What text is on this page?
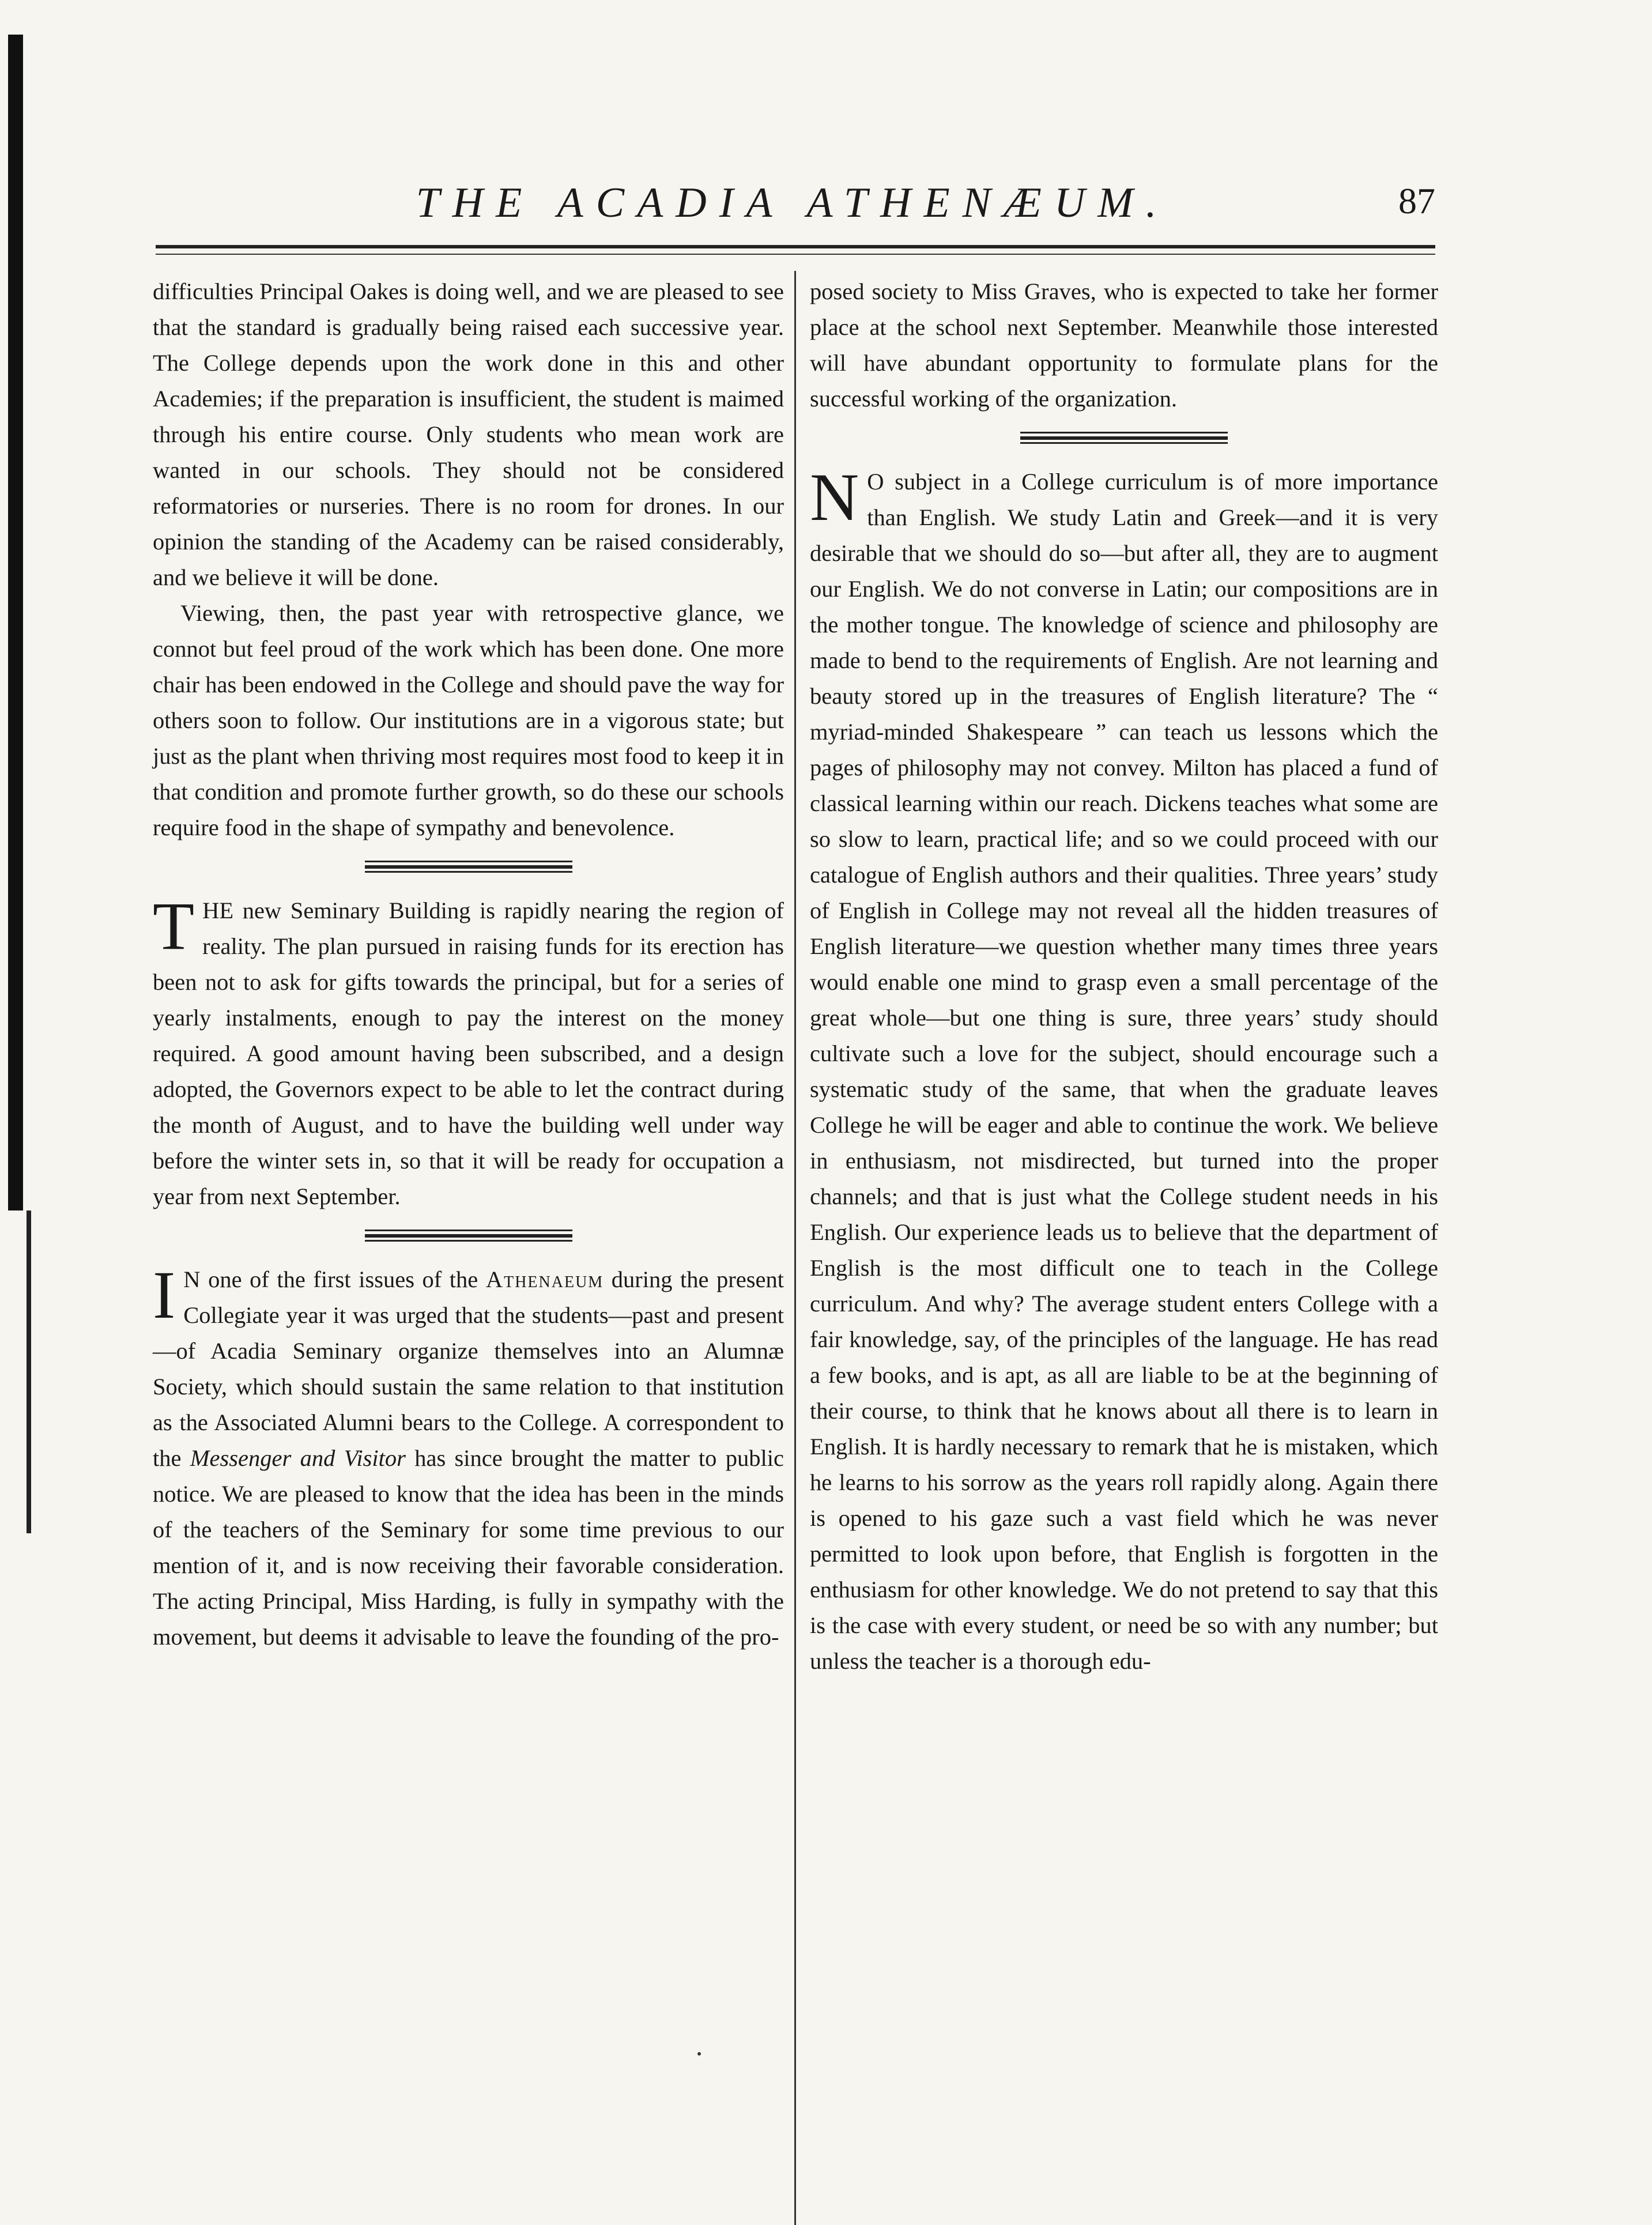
THE ACADIA ATHENÆUM.	87

difficulties Principal Oakes is doing well, and we are pleased to see that the standard is gradually being raised each successive year. The College depends upon the work done in this and other Academies; if the preparation is insufficient, the student is maimed through his entire course. Only students who mean work are wanted in our schools. They should not be considered reformatories or nurseries. There is no room for drones. In our opinion the standing of the Academy can be raised considerably, and we believe it will be done.

Viewing, then, the past year with retrospective glance, we connot but feel proud of the work which has been done. One more chair has been endowed in the College and should pave the way for others soon to follow. Our institutions are in a vigorous state; but just as the plant when thriving most requires most food to keep it in that condition and promote further growth, so do these our schools require food in the shape of sympathy and benevolence.

THE new Seminary Building is rapidly nearing the region of reality. The plan pursued in raising funds for its erection has been not to ask for gifts towards the principal, but for a series of yearly instalments, enough to pay the interest on the money required. A good amount having been subscribed, and a design adopted, the Governors expect to be able to let the contract during the month of August, and to have the building well under way before the winter sets in, so that it will be ready for occupation a year from next September.

I N one of the first issues of the Athenaeum during the present Collegiate year it was urged that the students—past and present—of Acadia Seminary organize themselves into an Alumnæ Society, which should sustain the same relation to that institution as the Associated Alumni bears to the College. A correspondent to the Messenger and Visitor has since brought the matter to public notice. We are pleased to know that the idea has been in the minds of the teachers of the Seminary for some time previous to our mention of it, and is now receiving their favorable consideration. The acting Principal, Miss Harding, is fully in sympathy with the movement, but deems it advisable to leave the founding of the pro-

posed society to Miss Graves, who is expected to take her former place at the school next September. Meanwhile those interested will have abundant opportunity to formulate plans for the successful working of the organization.

N O subject in a College curriculum is of more importance than English. We study Latin and Greek—and it is very desirable that we should do so—but after all, they are to augment our English. We do not converse in Latin; our compositions are in the mother tongue. The knowledge of science and philosophy are made to bend to the requirements of English. Are not learning and beauty stored up in the treasures of English literature? The “ myriad-minded Shakespeare ” can teach us lessons which the pages of philosophy may not convey. Milton has placed a fund of classical learning within our reach. Dickens teaches what some are so slow to learn, practical life; and so we could proceed with our catalogue of English authors and their qualities. Three years’ study of English in College may not reveal all the hidden treasures of English literature—we question whether many times three years would enable one mind to grasp even a small percentage of the great whole—but one thing is sure, three years’ study should cultivate such a love for the subject, should encourage such a systematic study of the same, that when the graduate leaves College he will be eager and able to continue the work. We believe in enthusiasm, not misdirected, but turned into the proper channels; and that is just what the College student needs in his English. Our experience leads us to believe that the department of English is the most difficult one to teach in the College curriculum. And why? The average student enters College with a fair knowledge, say, of the principles of the language. He has read a few books, and is apt, as all are liable to be at the beginning of their course, to think that he knows about all there is to learn in English. It is hardly necessary to remark that he is mistaken, which he learns to his sorrow as the years roll rapidly along. Again there is opened to his gaze such a vast field which he was never permitted to look upon before, that English is forgotten in the enthusiasm for other knowledge. We do not pretend to say that this is the case with every student, or need be so with any number; but unless the teacher is a thorough edu-
